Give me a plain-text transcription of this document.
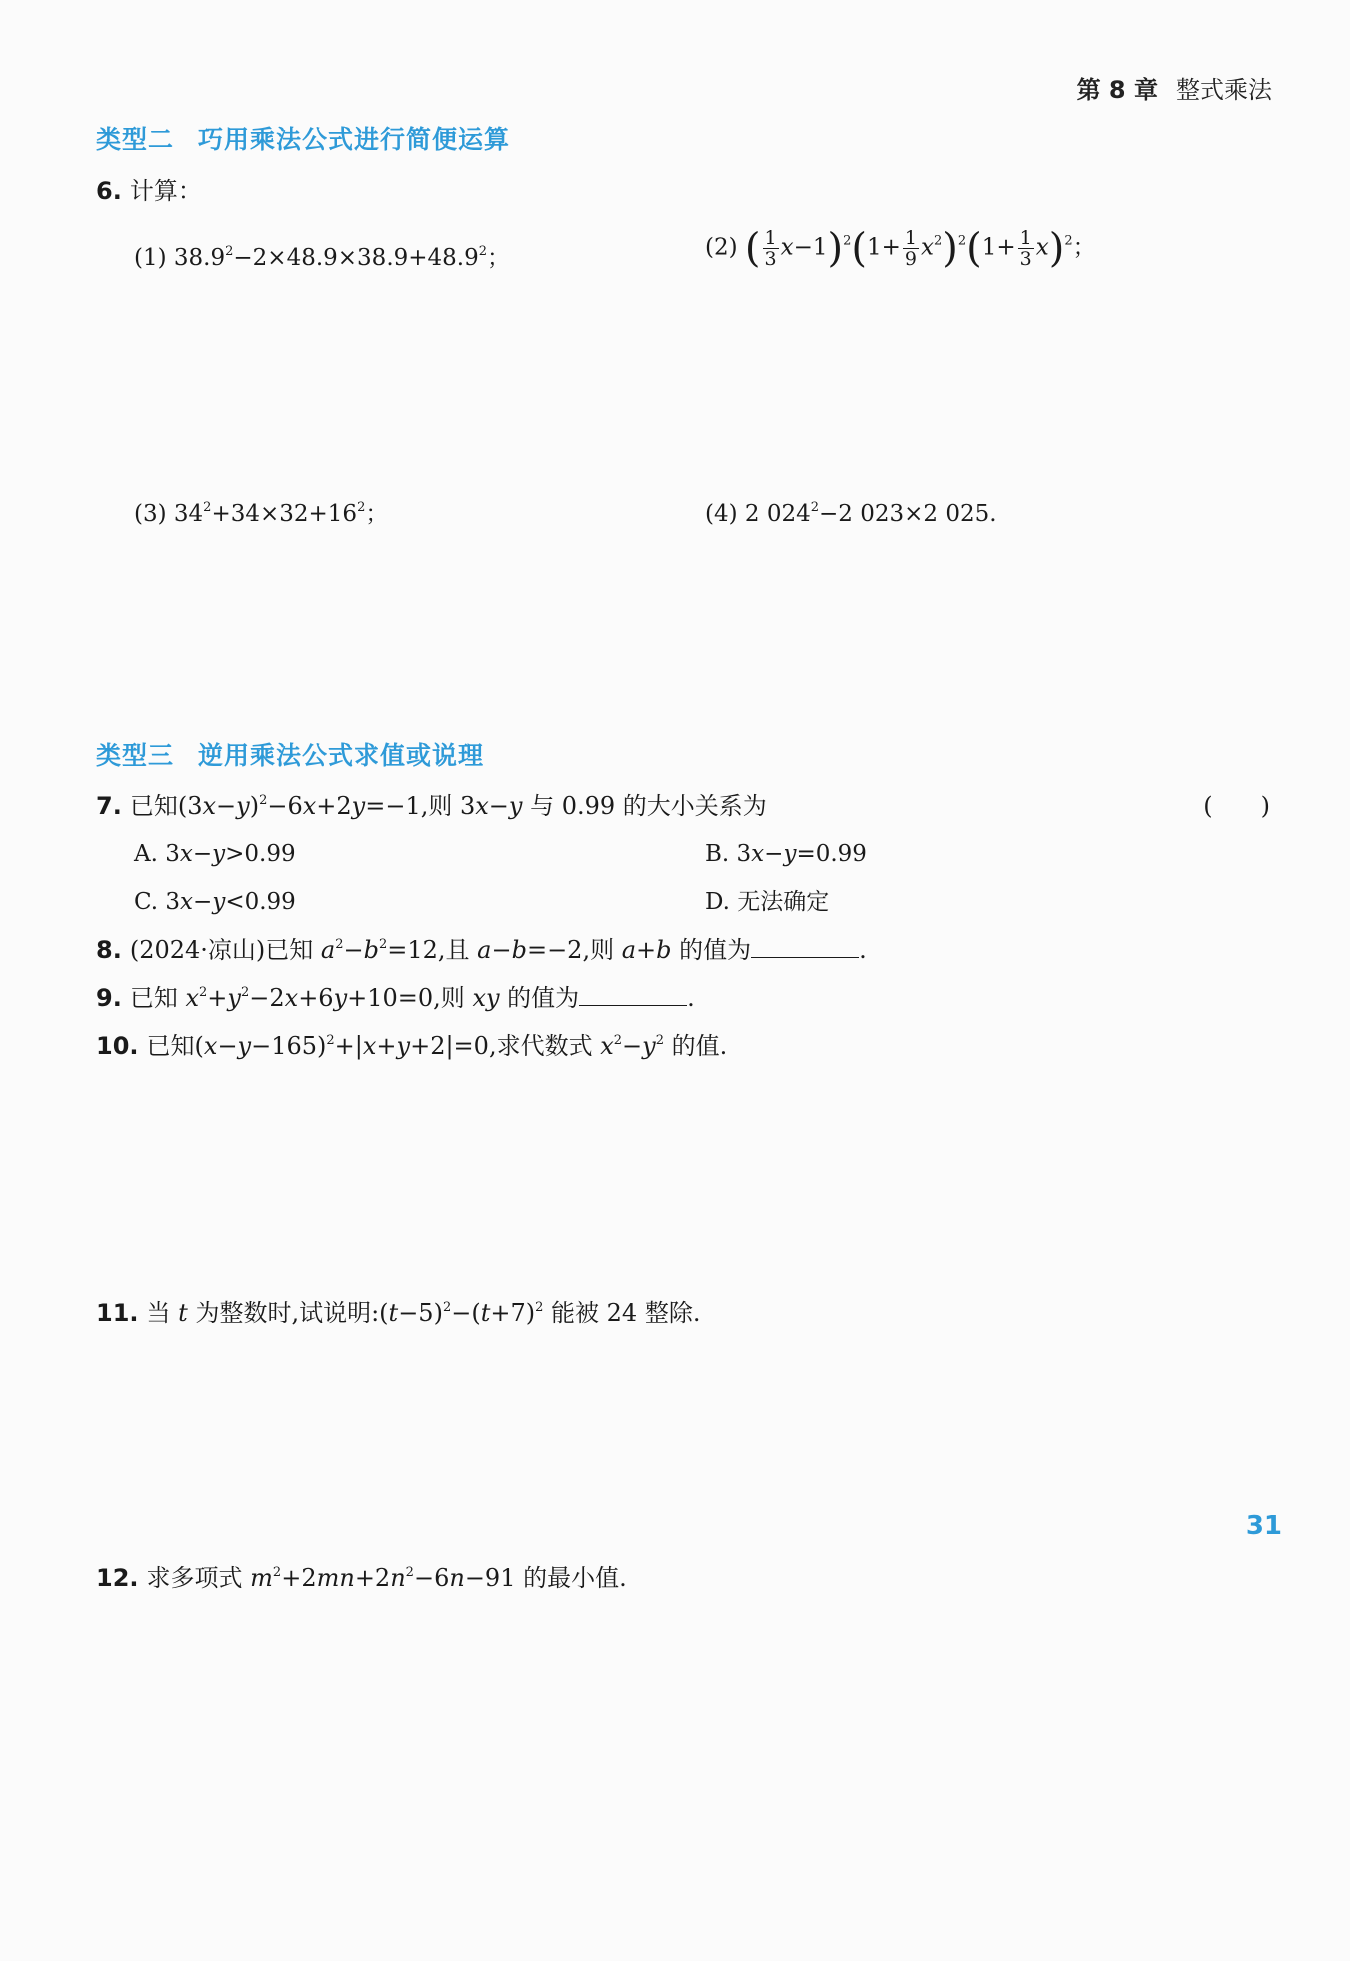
第 8 章 整式乘法
类型二 巧用乘法公式进行简便运算
6. 计算：
(1) $38.9^2-2\times 48.9\times 38.9+48.9^2$；	(2) ( $\frac{1}{3} x-1)^2(1+ \frac{1}{9} x^2)^2(1+ \frac{1}{3} x)^2$；
(3) $34^2+34\times 32+16^2$；	(4) 2 $024^2-2$ 023×2 025.
类型三 逆用乘法公式求值或说理
7. 已知$(3x-y)^2-6x+2y=-1$,则 3x−y 与 0.99 的大小关系为	(　　)
A. 3x−y>0.99	B. 3x−y=0.99
C. 3x−y<0.99	D. 无法确定
8. (2024·凉山)已知 $a^2-b^2=12$,且 a−b=−2,则 a+b 的值为	.
9. 已知 $x^2+y^2-2x+6y+10=0$,则 xy 的值为	.
10. 已知$(x-y-165)^2+|x+y+2|=0$,求代数式 $x^2-y^2$ 的值.
11. 当 t 为整数时,试说明$:(t-5)^2-(t+7)^2$ 能被 24 整除.
12. 求多项式 $m^2+2mn+2n^2-6n-91$ 的最小值.
31
